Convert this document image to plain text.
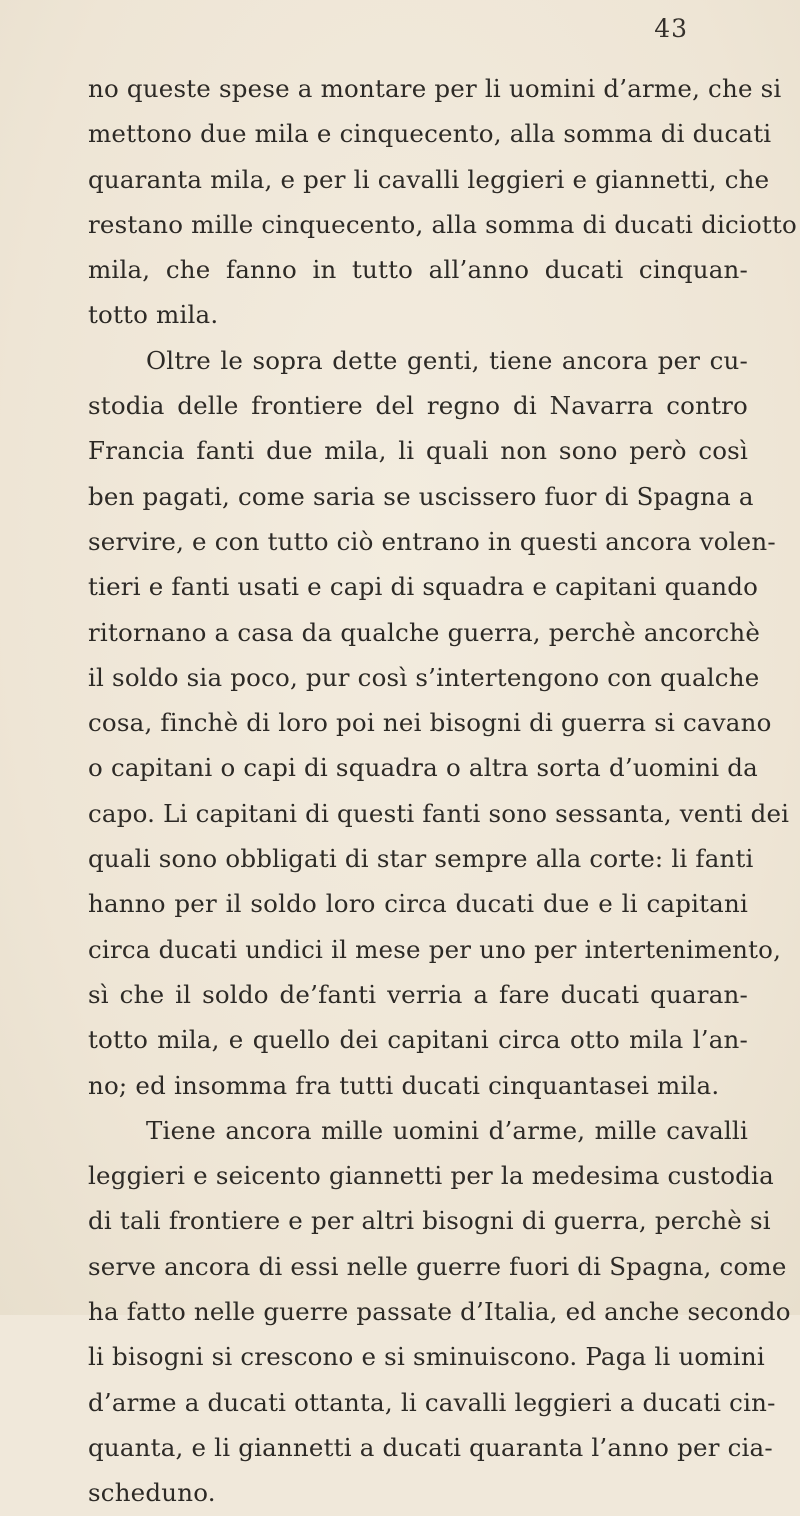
43
no queste spese a montare per li uomini d’arme, che si
mettono due mila e cinquecento, alla somma di ducati
quaranta mila, e per li cavalli leggieri e giannetti, che
restano mille cinquecento, alla somma di ducati diciotto
mila, che fanno in tutto all’anno ducati cinquan-
totto mila.
Oltre le sopra dette genti, tiene ancora per cu-
stodia delle frontiere del regno di Navarra contro
Francia fanti due mila, li quali non sono però così
ben pagati, come saria se uscissero fuor di Spagna a
servire, e con tutto ciò entrano in questi ancora volen-
tieri e fanti usati e capi di squadra e capitani quando
ritornano a casa da qualche guerra, perchè ancorchè
il soldo sia poco, pur così s’intertengono con qualche
cosa, finchè di loro poi nei bisogni di guerra si cavano
o capitani o capi di squadra o altra sorta d’uomini da
capo. Li capitani di questi fanti sono sessanta, venti dei
quali sono obbligati di star sempre alla corte: li fanti
hanno per il soldo loro circa ducati due e li capitani
circa ducati undici il mese per uno per intertenimento,
sì che il soldo de’fanti verria a fare ducati quaran-
totto mila, e quello dei capitani circa otto mila l’an-
no; ed insomma fra tutti ducati cinquantasei mila.
Tiene ancora mille uomini d’arme, mille cavalli
leggieri e seicento giannetti per la medesima custodia
di tali frontiere e per altri bisogni di guerra, perchè si
serve ancora di essi nelle guerre fuori di Spagna, come
ha fatto nelle guerre passate d’Italia, ed anche secondo
li bisogni si crescono e si sminuiscono. Paga li uomini
d’arme a ducati ottanta, li cavalli leggieri a ducati cin-
quanta, e li giannetti a ducati quaranta l’anno per cia-
scheduno.
